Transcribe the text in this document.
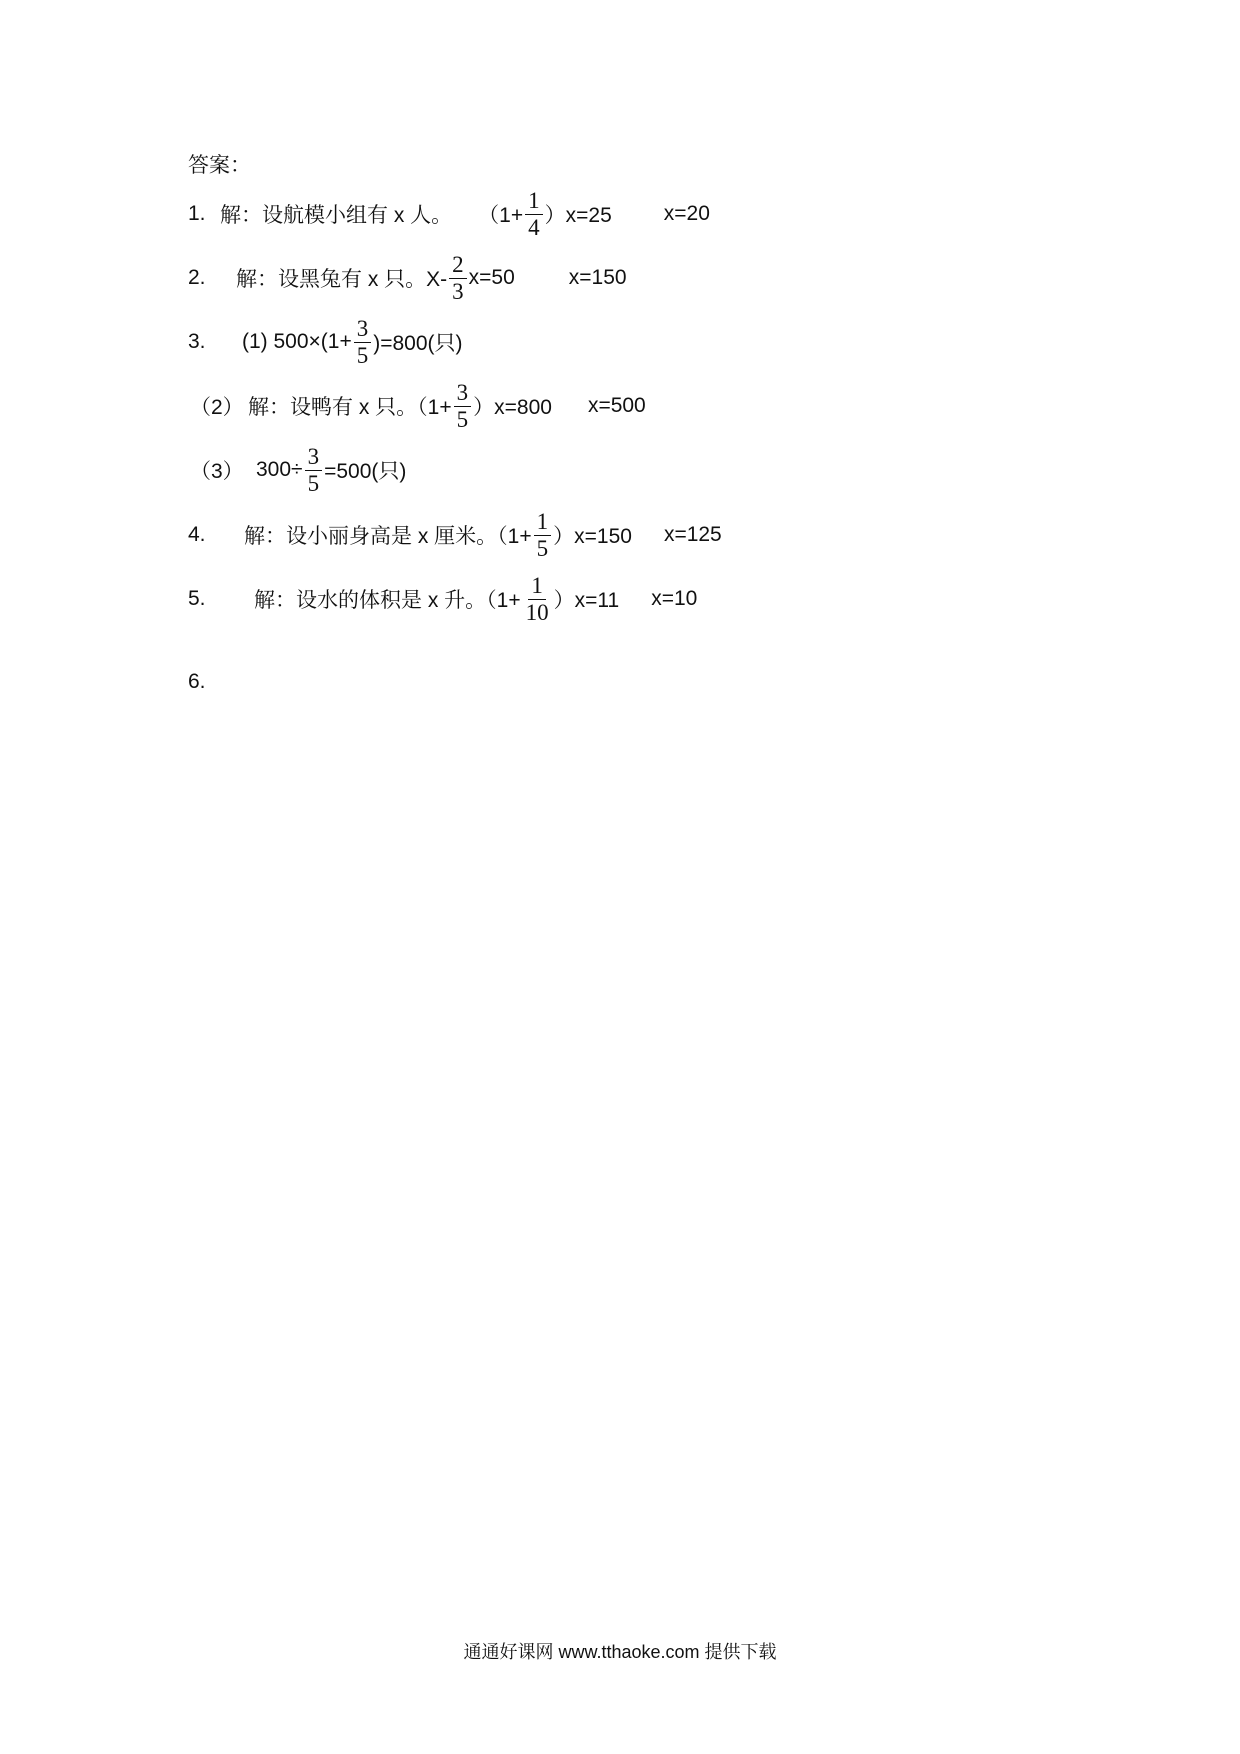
答案：
1. 解：设航模小组有 x 人。 $(1+ \frac{1}{4} )x=25$ x=20
2.	解：设黑兔有 x 只。$X- \frac{2}{3} x=50$	x=150
3.	(1) $500\times(1+ \frac{3}{5} )=800$(只)
（2） 解：设鸭有 x 只。$(1+ \frac{3}{5} )x=800$ x=500
（3） $300\div \frac{3}{5} =500$(只)
4.	解：设小丽身高是 x 厘米。$(1+ \frac{1}{5} )x=150$ x=125
5.	解：设水的体积是 x 升。$(1+ \frac{1}{10} )x=11$ x=10
6.
通通好课网 www.tthaoke.com 提供下载
